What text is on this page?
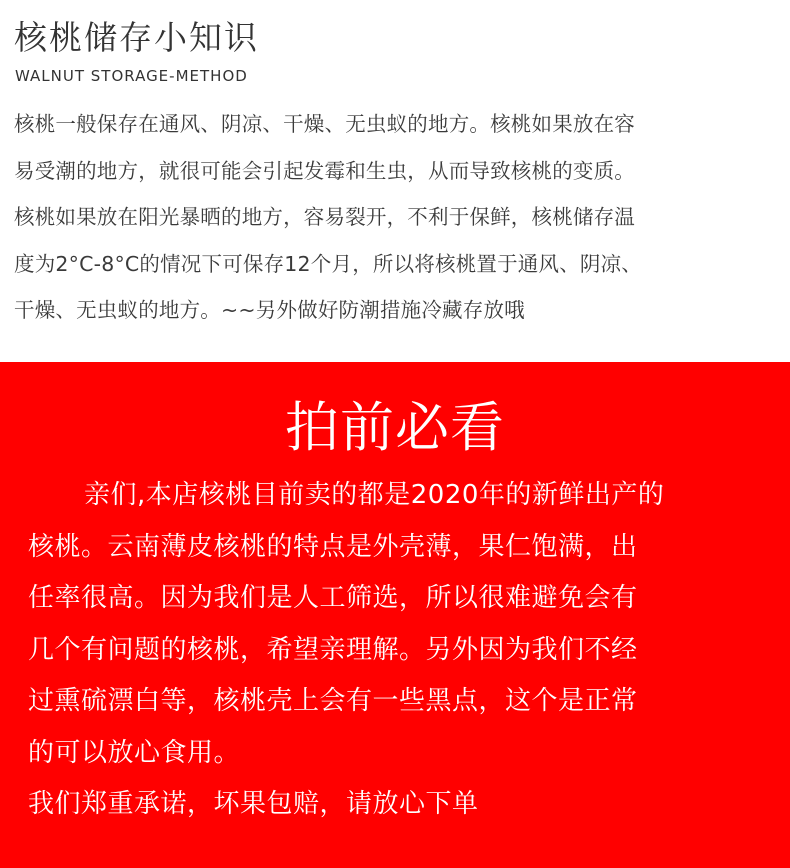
核桃储存小知识
WALNUT STORAGE-METHOD
核桃一般保存在通风、阴凉、干燥、无虫蚁的地方。核桃如果放在容
易受潮的地方，就很可能会引起发霉和生虫，从而导致核桃的变质。
核桃如果放在阳光暴晒的地方，容易裂开，不利于保鲜，核桃储存温
度为2°C-8°C的情况下可保存12个月，所以将核桃置于通风、阴凉、
干燥、无虫蚁的地方。~~另外做好防潮措施冷藏存放哦
拍前必看
亲们,本店核桃目前卖的都是2020年的新鲜出产的
核桃。云南薄皮核桃的特点是外壳薄，果仁饱满，出
任率很高。因为我们是人工筛选，所以很难避免会有
几个有问题的核桃，希望亲理解。另外因为我们不经
过熏硫漂白等，核桃壳上会有一些黑点，这个是正常
的可以放心食用。
我们郑重承诺，坏果包赔，请放心下单
